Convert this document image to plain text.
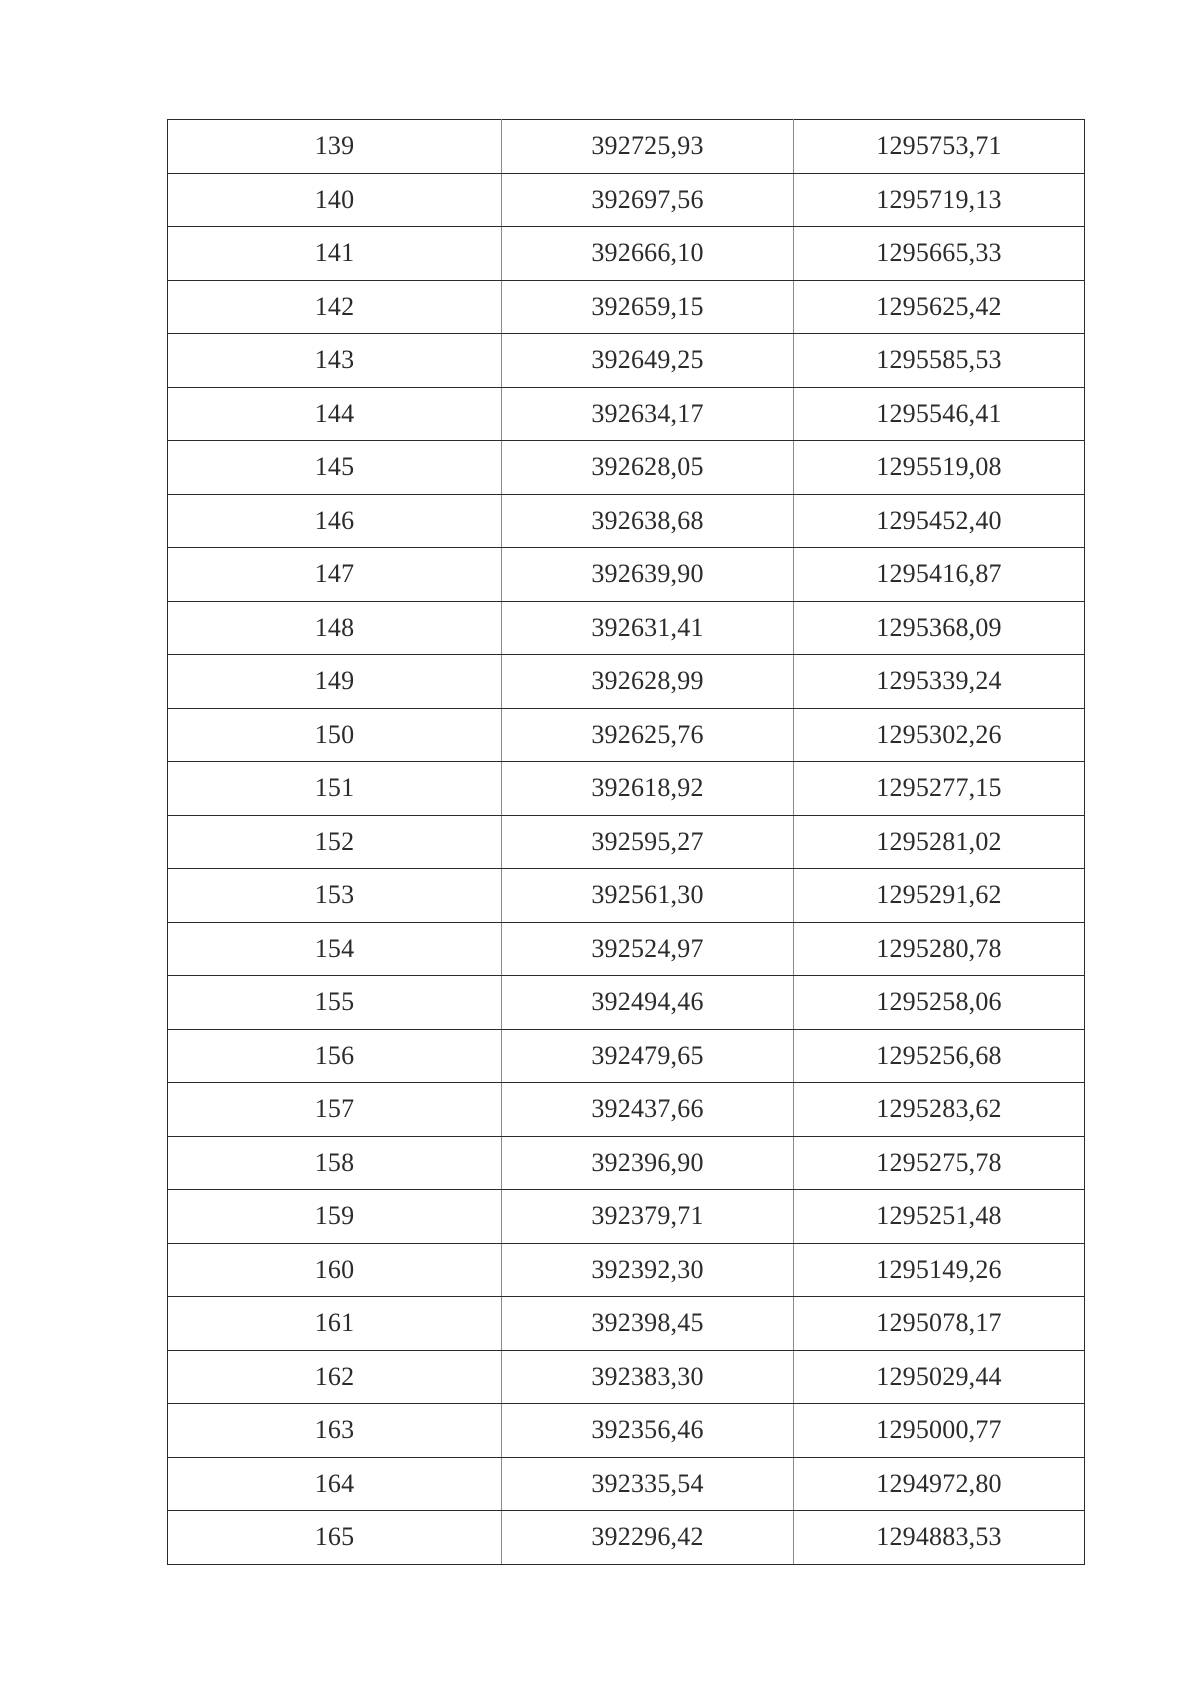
139	392725,93	1295753,71
140	392697,56	1295719,13
141	392666,10	1295665,33
142	392659,15	1295625,42
143	392649,25	1295585,53
144	392634,17	1295546,41
145	392628,05	1295519,08
146	392638,68	1295452,40
147	392639,90	1295416,87
148	392631,41	1295368,09
149	392628,99	1295339,24
150	392625,76	1295302,26
151	392618,92	1295277,15
152	392595,27	1295281,02
153	392561,30	1295291,62
154	392524,97	1295280,78
155	392494,46	1295258,06
156	392479,65	1295256,68
157	392437,66	1295283,62
158	392396,90	1295275,78
159	392379,71	1295251,48
160	392392,30	1295149,26
161	392398,45	1295078,17
162	392383,30	1295029,44
163	392356,46	1295000,77
164	392335,54	1294972,80
165	392296,42	1294883,53
